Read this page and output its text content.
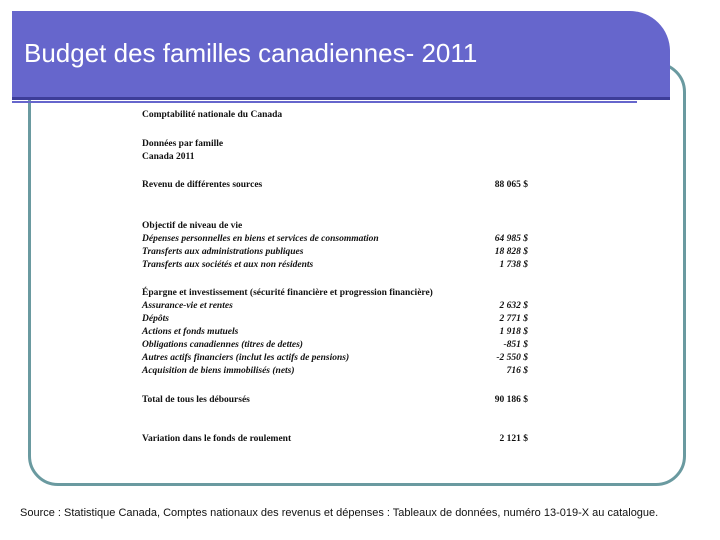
Budget des familles canadiennes- 2011
Comptabilité nationale du Canada
Données par famille
Canada 2011
Revenu de différentes sources	88 065 $
Objectif de niveau de vie
Dépenses personnelles en biens et services de consommation	64 985 $
Transferts aux administrations publiques	18 828 $
Transferts aux sociétés et aux non résidents	1 738 $
Épargne et investissement (sécurité financière et progression financière)
Assurance-vie et rentes	2 632 $
Dépôts	2 771 $
Actions et fonds mutuels	1 918 $
Obligations canadiennes (titres de dettes)	-851 $
Autres actifs financiers (inclut les actifs de pensions)	-2 550 $
Acquisition de biens immobilisés (nets)	716 $
Total de tous les déboursés	90 186 $
Variation dans le fonds de roulement	2 121 $
Source : Statistique Canada, Comptes nationaux des revenus et dépenses : Tableaux de données, numéro 13-019-X au catalogue.
